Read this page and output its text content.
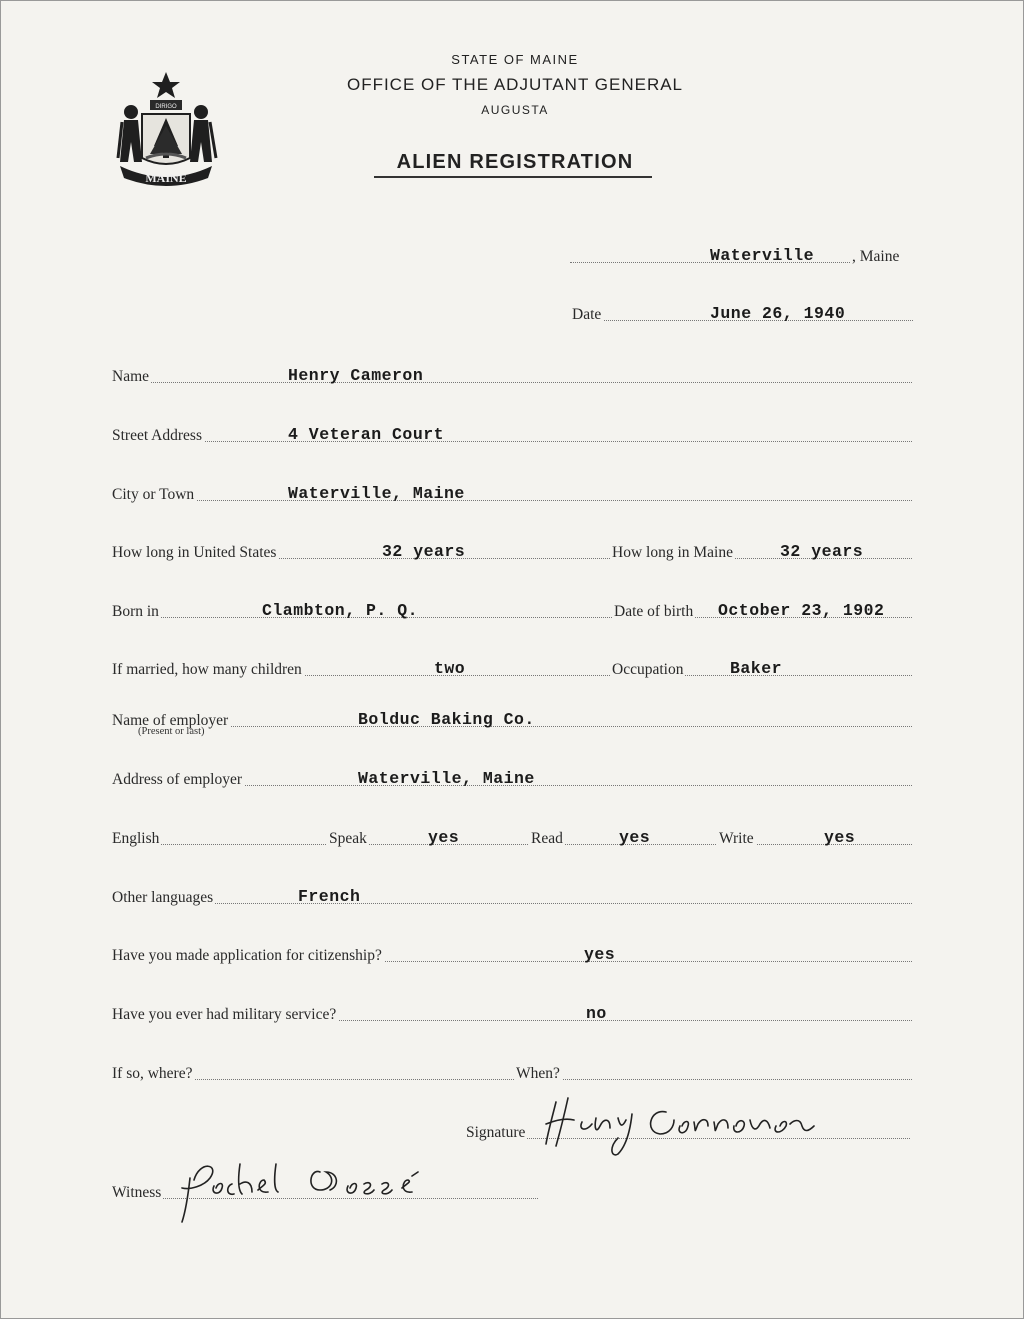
DIRIGO
MAINE
STATE OF MAINE
OFFICE OF THE ADJUTANT GENERAL
AUGUSTA
ALIEN REGISTRATION
Waterville , Maine
Date	June 26, 1940
Name	Henry Cameron
Street Address	4 Veteran Court
City or Town	Waterville, Maine
How long in United States	32 years	How long in Maine	32 years
Born in	Clambton, P. Q.	Date of birth October 23, 1902
If married, how many children	two	Occupation	Baker
Name of employer	Bolduc Baking Co.
(Present or last)
Address of employer	Waterville, Maine
English	Speak	yes	Read	yes	Write	yes
Other languages	French
Have you made application for citizenship?	yes
Have you ever had military service?	no
If so, where?	When?
Signature
Witness
